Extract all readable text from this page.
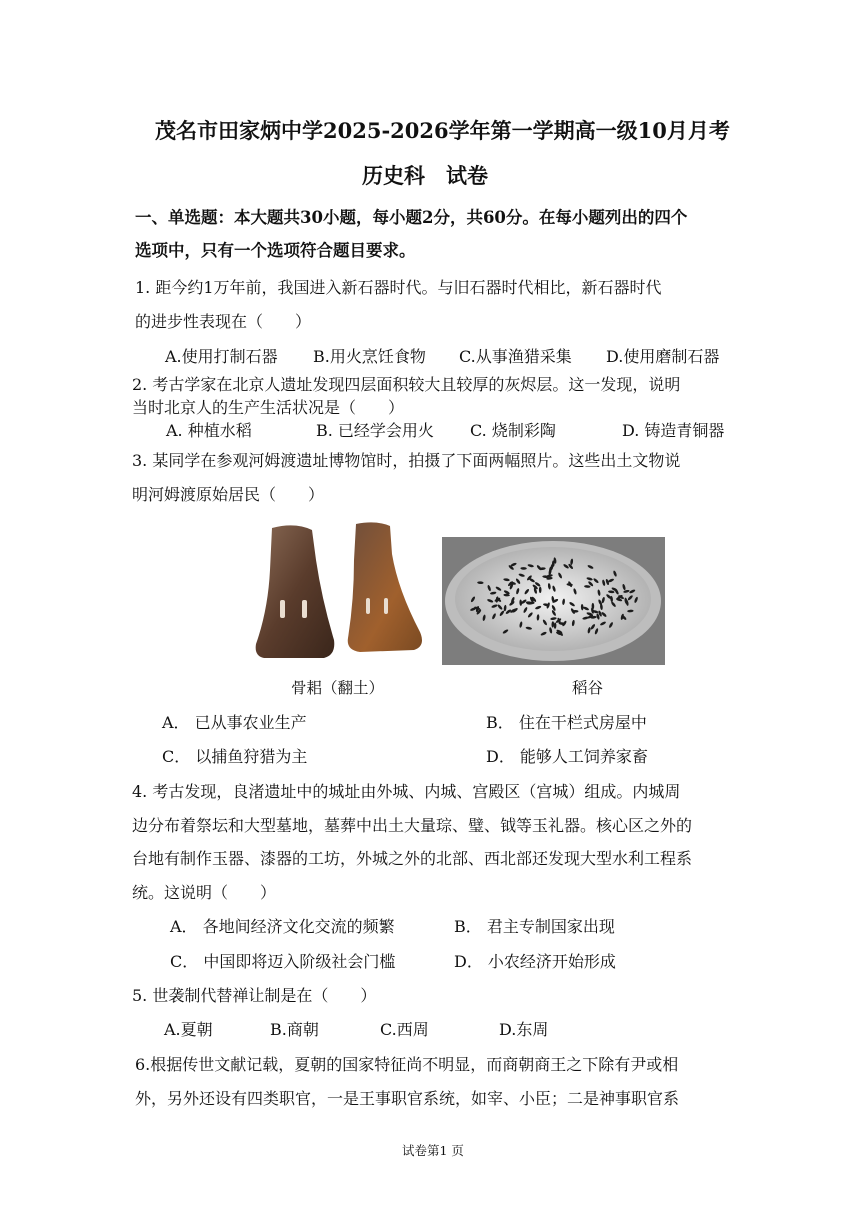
茂名市田家炳中学2025-2026学年第一学期高一级10月月考
历史科　试卷
一、单选题：本大题共30小题，每小题2分，共60分。在每小题列出的四个
选项中，只有一个选项符合题目要求。
1. 距今约1万年前，我国进入新石器时代。与旧石器时代相比，新石器时代
的进步性表现在（　　）
A.使用打制石器 B.用火烹饪食物 C.从事渔猎采集 D.使用磨制石器
2. 考古学家在北京人遗址发现四层面积较大且较厚的灰烬层。这一发现，说明
当时北京人的生产生活状况是（　　）
A. 种植水稻	B. 已经学会用火 C. 烧制彩陶	D. 铸造青铜器
3. 某同学在参观河姆渡遗址博物馆时，拍摄了下面两幅照片。这些出土文物说
明河姆渡原始居民（　　）
骨耜（翻土）	稻谷
A． 已从事农业生产	B． 住在干栏式房屋中
C． 以捕鱼狩猎为主	D． 能够人工饲养家畜
4. 考古发现，良渚遗址中的城址由外城、内城、宫殿区（宫城）组成。内城周
边分布着祭坛和大型墓地，墓葬中出土大量琮、璧、钺等玉礼器。核心区之外的
台地有制作玉器、漆器的工坊，外城之外的北部、西北部还发现大型水利工程系
统。这说明（　　）
A． 各地间经济文化交流的频繁	B． 君主专制国家出现
C． 中国即将迈入阶级社会门槛	D． 小农经济开始形成
5. 世袭制代替禅让制是在（　　）
A.夏朝	B.商朝	C.西周	D.东周
6.根据传世文献记载，夏朝的国家特征尚不明显，而商朝商王之下除有尹或相
外，另外还设有四类职官，一是王事职官系统，如宰、小臣；二是神事职官系
试卷第1 页
